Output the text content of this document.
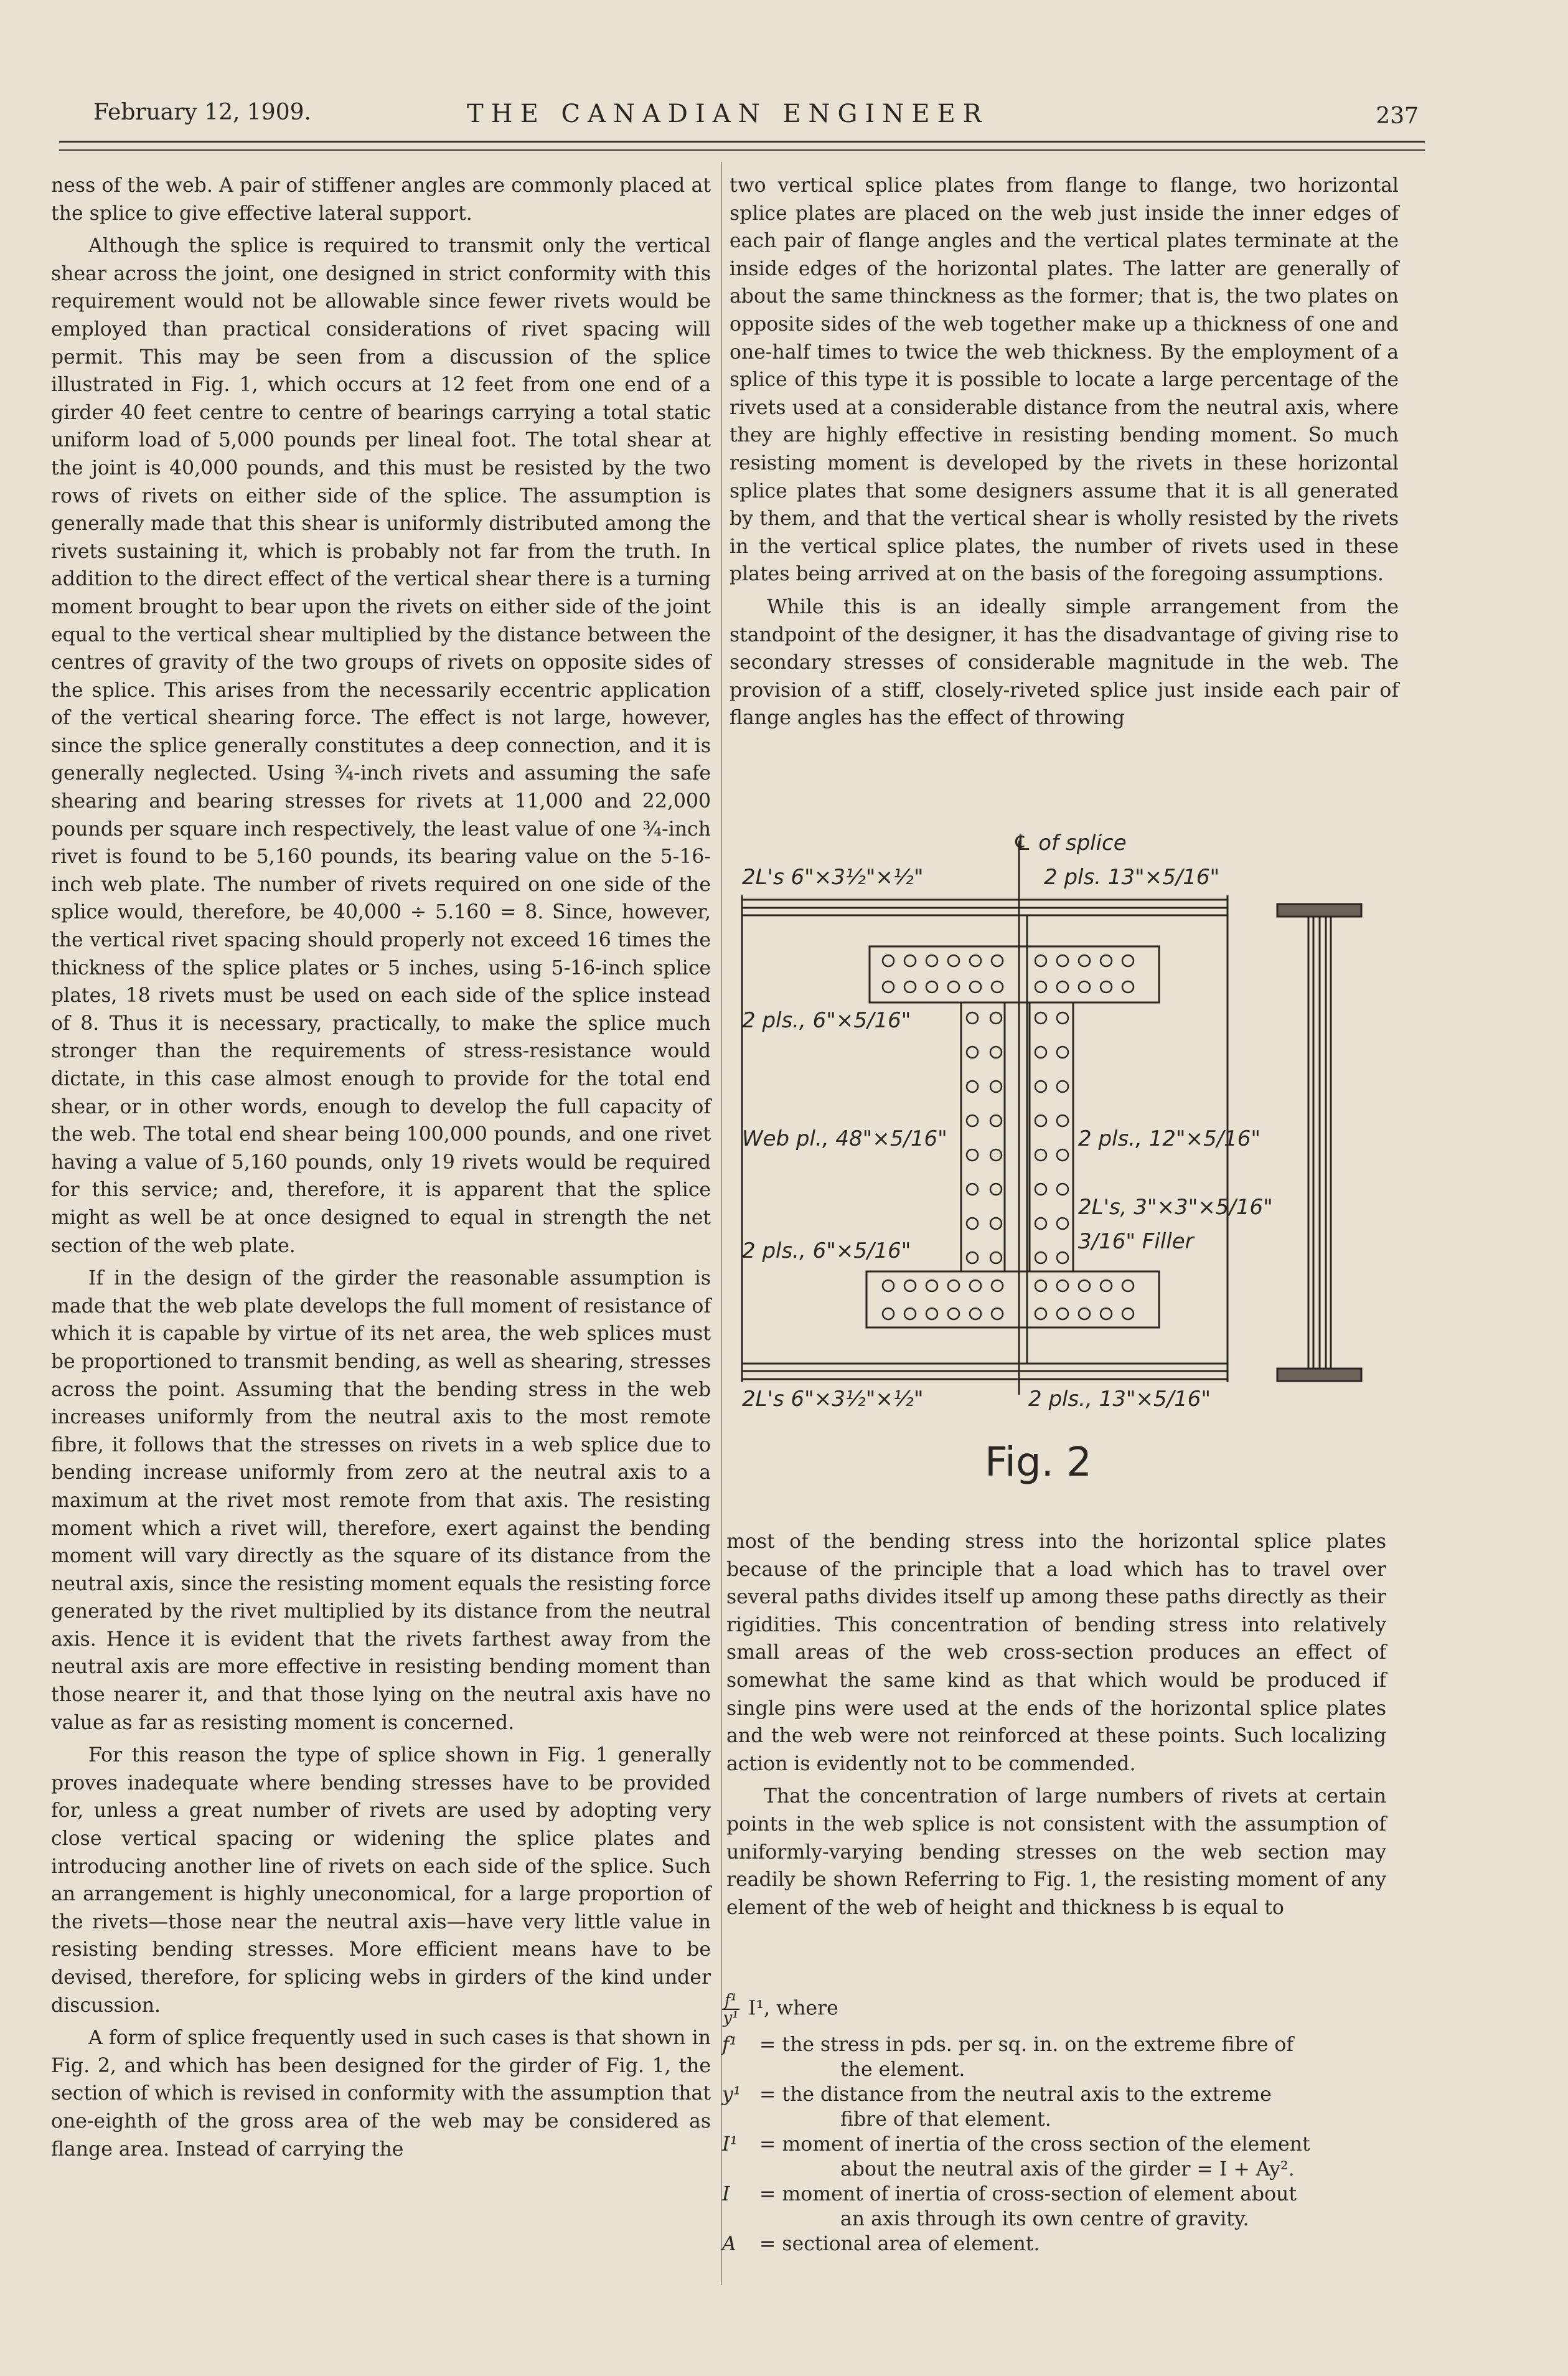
February 12, 1909.	THE CANADIAN ENGINEER	237

ness of the web. A pair of stiffener angles are commonly placed at the splice to give effective lateral support.

Although the splice is required to transmit only the vertical shear across the joint, one designed in strict conformity with this requirement would not be allowable since fewer rivets would be employed than practical considerations of rivet spacing will permit. This may be seen from a discussion of the splice illustrated in Fig. 1, which occurs at 12 feet from one end of a girder 40 feet centre to centre of bearings carrying a total static uniform load of 5,000 pounds per lineal foot. The total shear at the joint is 40,000 pounds, and this must be resisted by the two rows of rivets on either side of the splice. The assumption is generally made that this shear is uniformly distributed among the rivets sustaining it, which is probably not far from the truth. In addition to the direct effect of the vertical shear there is a turning moment brought to bear upon the rivets on either side of the joint equal to the vertical shear multiplied by the distance between the centres of gravity of the two groups of rivets on opposite sides of the splice. This arises from the necessarily eccentric application of the vertical shearing force. The effect is not large, however, since the splice generally constitutes a deep connection, and it is generally neglected. Using ¾-inch rivets and assuming the safe shearing and bearing stresses for rivets at 11,000 and 22,000 pounds per square inch respectively, the least value of one ¾-inch rivet is found to be 5,160 pounds, its bearing value on the 5-16-inch web plate. The number of rivets required on one side of the splice would, therefore, be 40,000 ÷ 5.160 = 8. Since, however, the vertical rivet spacing should properly not exceed 16 times the thickness of the splice plates or 5 inches, using 5-16-inch splice plates, 18 rivets must be used on each side of the splice instead of 8. Thus it is necessary, practically, to make the splice much stronger than the requirements of stress-resistance would dictate, in this case almost enough to provide for the total end shear, or in other words, enough to develop the full capacity of the web. The total end shear being 100,000 pounds, and one rivet having a value of 5,160 pounds, only 19 rivets would be required for this service; and, therefore, it is apparent that the splice might as well be at once designed to equal in strength the net section of the web plate.

If in the design of the girder the reasonable assumption is made that the web plate develops the full moment of resistance of which it is capable by virtue of its net area, the web splices must be proportioned to transmit bending, as well as shearing, stresses across the point. Assuming that the bending stress in the web increases uniformly from the neutral axis to the most remote fibre, it follows that the stresses on rivets in a web splice due to bending increase uniformly from zero at the neutral axis to a maximum at the rivet most remote from that axis. The resisting moment which a rivet will, therefore, exert against the bending moment will vary directly as the square of its distance from the neutral axis, since the resisting moment equals the resisting force generated by the rivet multiplied by its distance from the neutral axis. Hence it is evident that the rivets farthest away from the neutral axis are more effective in resisting bending moment than those nearer it, and that those lying on the neutral axis have no value as far as resisting moment is concerned.

For this reason the type of splice shown in Fig. 1 generally proves inadequate where bending stresses have to be provided for, unless a great number of rivets are used by adopting very close vertical spacing or widening the splice plates and introducing another line of rivets on each side of the splice. Such an arrangement is highly uneconomical, for a large proportion of the rivets—those near the neutral axis—have very little value in resisting bending stresses. More efficient means have to be devised, therefore, for splicing webs in girders of the kind under discussion.

A form of splice frequently used in such cases is that shown in Fig. 2, and which has been designed for the girder of Fig. 1, the section of which is revised in conformity with the assumption that one-eighth of the gross area of the web may be considered as flange area. Instead of carrying the

two vertical splice plates from flange to flange, two horizontal splice plates are placed on the web just inside the inner edges of each pair of flange angles and the vertical plates terminate at the inside edges of the horizontal plates. The latter are generally of about the same thinckness as the former; that is, the two plates on opposite sides of the web together make up a thickness of one and one-half times to twice the web thickness. By the employment of a splice of this type it is possible to locate a large percentage of the rivets used at a considerable distance from the neutral axis, where they are highly effective in resisting bending moment. So much resisting moment is developed by the rivets in these horizontal splice plates that some designers assume that it is all generated by them, and that the vertical shear is wholly resisted by the rivets in the vertical splice plates, the number of rivets used in these plates being arrived at on the basis of the foregoing assumptions.

While this is an ideally simple arrangement from the standpoint of the designer, it has the disadvantage of giving rise to secondary stresses of considerable magnitude in the web. The provision of a stiff, closely-riveted splice just inside each pair of flange angles has the effect of throwing

℄ of splice
2L's 6"×3½"×½"	2 pls. 13"×5/16"
2 pls., 6"×5/16"
Web pl., 48"×5/16"	2 pls., 12"×5/16"
2L's, 3"×3"×5/16"
3/16" Filler
2 pls., 6"×5/16"
2L's 6"×3½"×½"	2 pls., 13"×5/16"
Fig. 2

most of the bending stress into the horizontal splice plates because of the principle that a load which has to travel over several paths divides itself up among these paths directly as their rigidities. This concentration of bending stress into relatively small areas of the web cross-section produces an effect of somewhat the same kind as that which would be produced if single pins were used at the ends of the horizontal splice plates and the web were not reinforced at these points. Such localizing action is evidently not to be commended.

That the concentration of large numbers of rivets at certain points in the web splice is not consistent with the assumption of uniformly-varying bending stresses on the web section may readily be shown Referring to Fig. 1, the resisting moment of any element of the web of height and thickness b is equal to

$\frac{\text{f¹}}{\text{y¹}} I^1$, where
f¹	= the stress in pds. per sq. in. on the extreme fibre of
the element.
y¹ = the distance from the neutral axis to the extreme
fibre of that element.
I¹	= moment of inertia of the cross section of the element
about the neutral axis of the girder = I + Ay².
I	= moment of inertia of cross-section of element about
an axis through its own centre of gravity.
A	= sectional area of element.
